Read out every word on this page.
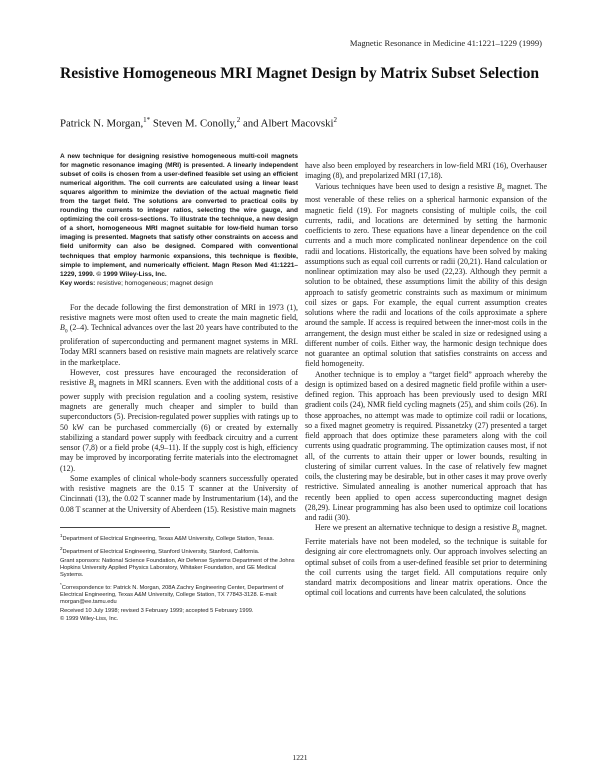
Magnetic Resonance in Medicine 41:1221–1229 (1999)
Resistive Homogeneous MRI Magnet Design by Matrix Subset Selection
Patrick N. Morgan,$^{1*}$ Steven M. Conolly,$^2$ and Albert Macovski$^2$

A new technique for designing resistive homogeneous multi-coil magnets for magnetic resonance imaging (MRI) is presented. A linearly independent subset of coils is chosen from a user-defined feasible set using an efficient numerical algorithm. The coil currents are calculated using a linear least squares algorithm to minimize the deviation of the actual magnetic field from the target field. The solutions are converted to practical coils by rounding the currents to integer ratios, selecting the wire gauge, and optimizing the coil cross-sections. To illustrate the technique, a new design of a short, homogeneous MRI magnet suitable for low-field human torso imaging is presented. Magnets that satisfy other constraints on access and field uniformity can also be designed. Compared with conventional techniques that employ harmonic expansions, this technique is flexible, simple to implement, and numerically efficient. Magn Reson Med 41:1221–1229, 1999. © 1999 Wiley-Liss, Inc.

Key words: resistive; homogeneous; magnet design

For the decade following the first demonstration of MRI in 1973 (1), resistive magnets were most often used to create the main magnetic field, $B_0$ (2–4). Technical advances over the last 20 years have contributed to the proliferation of superconducting and permanent magnet systems in MRI. Today MRI scanners based on resistive main magnets are relatively scarce in the marketplace.

However, cost pressures have encouraged the reconsideration of resistive $B_0$ magnets in MRI scanners. Even with the additional costs of a power supply with precision regulation and a cooling system, resistive magnets are generally much cheaper and simpler to build than superconductors (5). Precision-regulated power supplies with ratings up to 50 kW can be purchased commercially (6) or created by externally stabilizing a standard power supply with feedback circuitry and a current sensor (7,8) or a field probe (4,9–11). If the supply cost is high, efficiency may be improved by incorporating ferrite materials into the electromagnet (12).

Some examples of clinical whole-body scanners successfully operated with resistive magnets are the 0.15 T scanner at the University of Cincinnati (13), the 0.02 T scanner made by Instrumentarium (14), and the 0.08 T scanner at the University of Aberdeen (15). Resistive main magnets

$^1$Department of Electrical Engineering, Texas A&M University, College Station, Texas.

$^2$Department of Electrical Engineering, Stanford University, Stanford, California.

Grant sponsors: National Science Foundation, Air Defense Systems Department of the Johns Hopkins University Applied Physics Laboratory, Whitaker Foundation, and GE Medical Systems.

*Correspondence to: Patrick N. Morgan, 208A Zachry Engineering Center, Department of Electrical Engineering, Texas A&M University, College Station, TX 77843-3128. E-mail: morgan@ee.tamu.edu

Received 10 July 1998; revised 3 February 1999; accepted 5 February 1999.

© 1999 Wiley-Liss, Inc.

have also been employed by researchers in low-field MRI (16), Overhauser imaging (8), and prepolarized MRI (17,18).

Various techniques have been used to design a resistive $B_0$ magnet. The most venerable of these relies on a spherical harmonic expansion of the magnetic field (19). For magnets consisting of multiple coils, the coil currents, radii, and locations are determined by setting the harmonic coefficients to zero. These equations have a linear dependence on the coil currents and a much more complicated nonlinear dependence on the coil radii and locations. Historically, the equations have been solved by making assumptions such as equal coil currents or radii (20,21). Hand calculation or nonlinear optimization may also be used (22,23). Although they permit a solution to be obtained, these assumptions limit the ability of this design approach to satisfy geometric constraints such as maximum or minimum coil sizes or gaps. For example, the equal current assumption creates solutions where the radii and locations of the coils approximate a sphere around the sample. If access is required between the inner-most coils in the arrangement, the design must either be scaled in size or redesigned using a different number of coils. Either way, the harmonic design technique does not guarantee an optimal solution that satisfies constraints on access and field homogeneity.

Another technique is to employ a “target field” approach whereby the design is optimized based on a desired magnetic field profile within a user-defined region. This approach has been previously used to design MRI gradient coils (24), NMR field cycling magnets (25), and shim coils (26). In those approaches, no attempt was made to optimize coil radii or locations, so a fixed magnet geometry is required. Pissanetzky (27) presented a target field approach that does optimize these parameters along with the coil currents using quadratic programming. The optimization causes most, if not all, of the currents to attain their upper or lower bounds, resulting in clustering of similar current values. In the case of relatively few magnet coils, the clustering may be desirable, but in other cases it may prove overly restrictive. Simulated annealing is another numerical approach that has recently been applied to open access superconducting magnet design (28,29). Linear programming has also been used to optimize coil locations and radii (30).

Here we present an alternative technique to design a resistive $B_0$ magnet. Ferrite materials have not been modeled, so the technique is suitable for designing air core electromagnets only. Our approach involves selecting an optimal subset of coils from a user-defined feasible set prior to determining the coil currents using the target field. All computations require only standard matrix decompositions and linear matrix operations. Once the optimal coil locations and currents have been calculated, the solutions

1221
